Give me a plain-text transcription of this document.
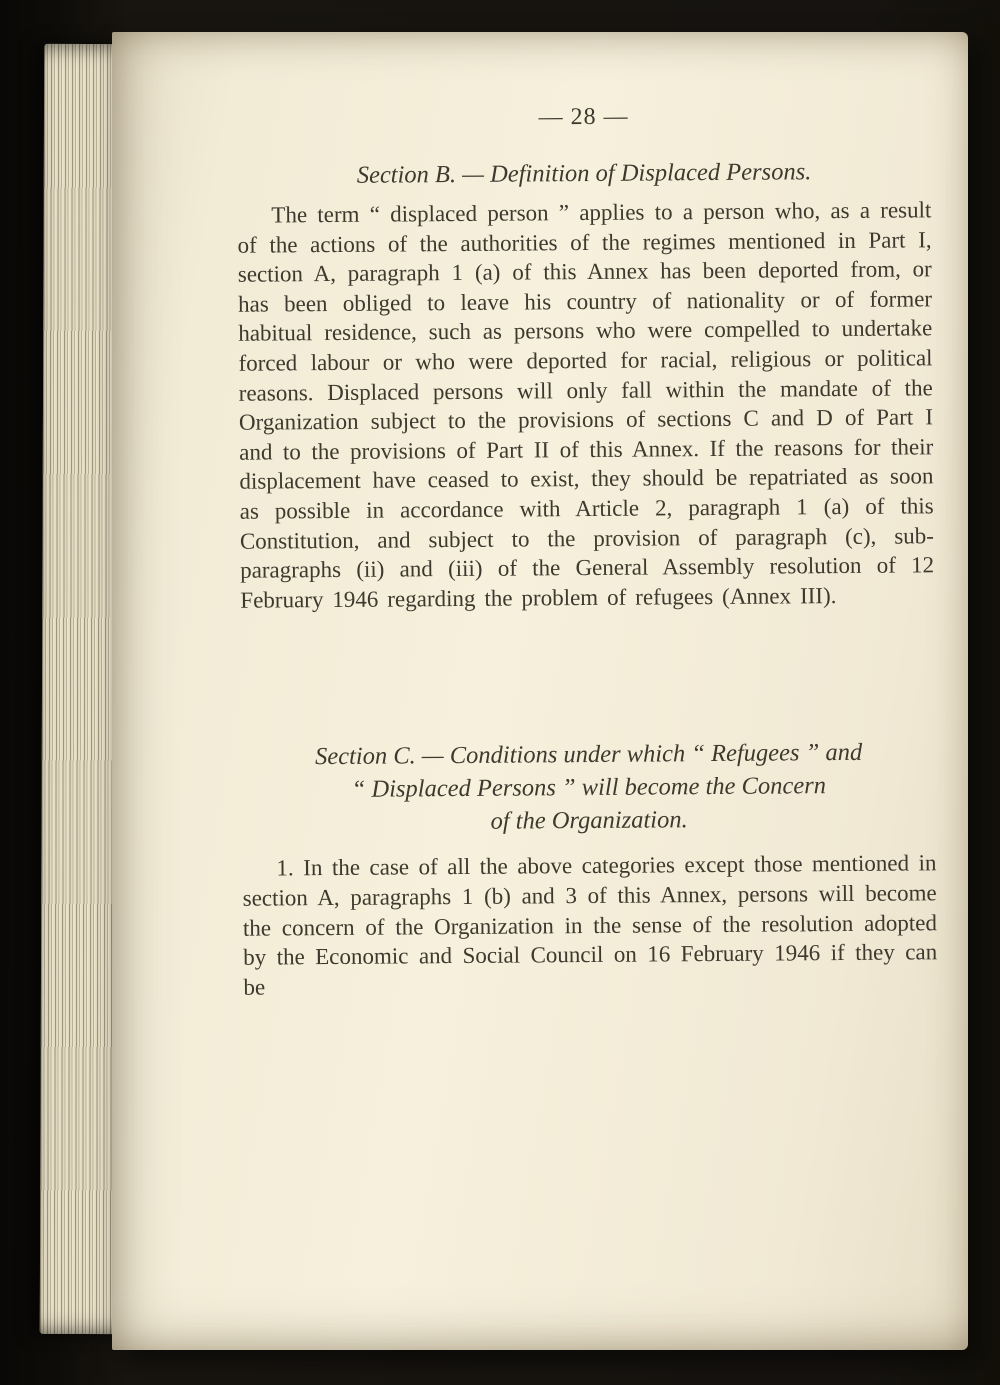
— 28 —
Section B. — Definition of Displaced Persons.

The term “ displaced person ” applies to a person who, as a result of the actions of the authorities of the regimes mentioned in Part I, section A, paragraph 1 (a) of this Annex has been deported from, or has been obliged to leave his country of nationality or of former habitual residence, such as persons who were compelled to undertake forced labour or who were deported for racial, religious or political reasons. Displaced persons will only fall within the mandate of the Organization subject to the provisions of sections C and D of Part I and to the provisions of Part II of this Annex. If the reasons for their displacement have ceased to exist, they should be repatriated as soon as possible in accordance with Article 2, paragraph 1 (a) of this Constitution, and subject to the provision of paragraph (c), sub-paragraphs (ii) and (iii) of the General Assembly resolution of 12 February 1946 regarding the problem of refugees (Annex III).

Section C. — Conditions under which “ Refugees ” and
“ Displaced Persons ” will become the Concern
of the Organization.

1. In the case of all the above categories except those mentioned in section A, paragraphs 1 (b) and 3 of this Annex, persons will become the concern of the Organization in the sense of the resolution adopted by the Economic and Social Council on 16 February 1946 if they can be
